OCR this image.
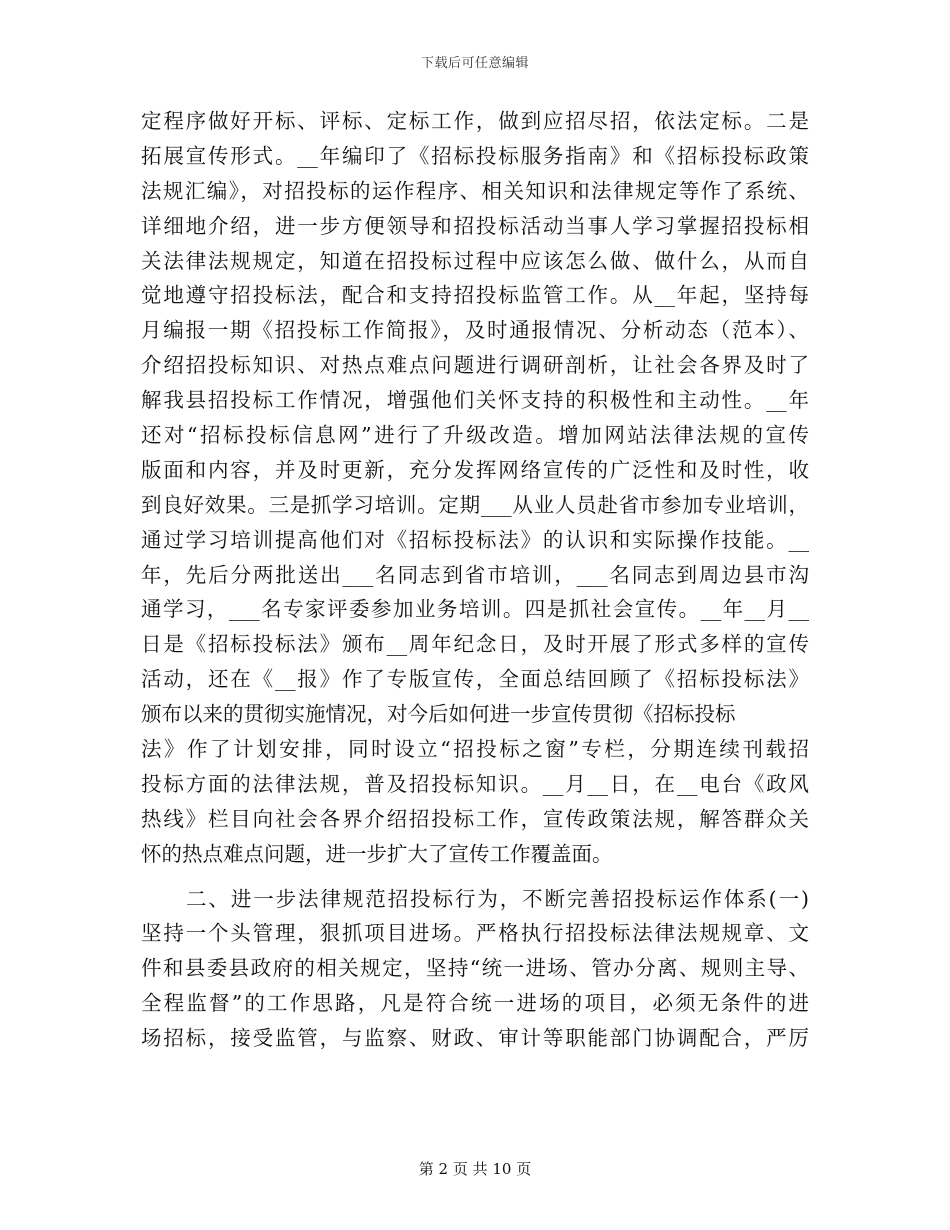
下载后可任意编辑
定程序做好开标、评标、定标工作，做到应招尽招，依法定标。二是
拓展宣传形式。__年编印了《招标投标服务指南》和《招标投标政策
法规汇编》，对招投标的运作程序、相关知识和法律规定等作了系统、
详细地介绍，进一步方便领导和招投标活动当事人学习掌握招投标相
关法律法规规定，知道在招投标过程中应该怎么做、做什么，从而自
觉地遵守招投标法，配合和支持招投标监管工作。从__年起，坚持每
月编报一期《招投标工作简报》，及时通报情况、分析动态（范本）、
介绍招投标知识、对热点难点问题进行调研剖析，让社会各界及时了
解我县招投标工作情况，增强他们关怀支持的积极性和主动性。__年
还对“招标投标信息网”进行了升级改造。增加网站法律法规的宣传
版面和内容，并及时更新，充分发挥网络宣传的广泛性和及时性，收
到良好效果。三是抓学习培训。定期___从业人员赴省市参加专业培训，
通过学习培训提高他们对《招标投标法》的认识和实际操作技能。__
年，先后分两批送出___名同志到省市培训，___名同志到周边县市沟
通学习，___名专家评委参加业务培训。四是抓社会宣传。__年__月__
日是《招标投标法》颁布__周年纪念日，及时开展了形式多样的宣传
活动，还在《__报》作了专版宣传，全面总结回顾了《招标投标法》
颁布以来的贯彻实施情况，对今后如何进一步宣传贯彻《招标投标
法》作了计划安排，同时设立“招投标之窗”专栏，分期连续刊载招
投标方面的法律法规，普及招投标知识。__月__日，在__电台《政风
热线》栏目向社会各界介绍招投标工作，宣传政策法规，解答群众关
怀的热点难点问题，进一步扩大了宣传工作覆盖面。
二、进一步法律规范招投标行为，不断完善招投标运作体系(一)
坚持一个头管理，狠抓项目进场。严格执行招投标法律法规规章、文
件和县委县政府的相关规定，坚持“统一进场、管办分离、规则主导、
全程监督”的工作思路，凡是符合统一进场的项目，必须无条件的进
场招标，接受监管，与监察、财政、审计等职能部门协调配合，严厉
第 2 页 共 10 页
